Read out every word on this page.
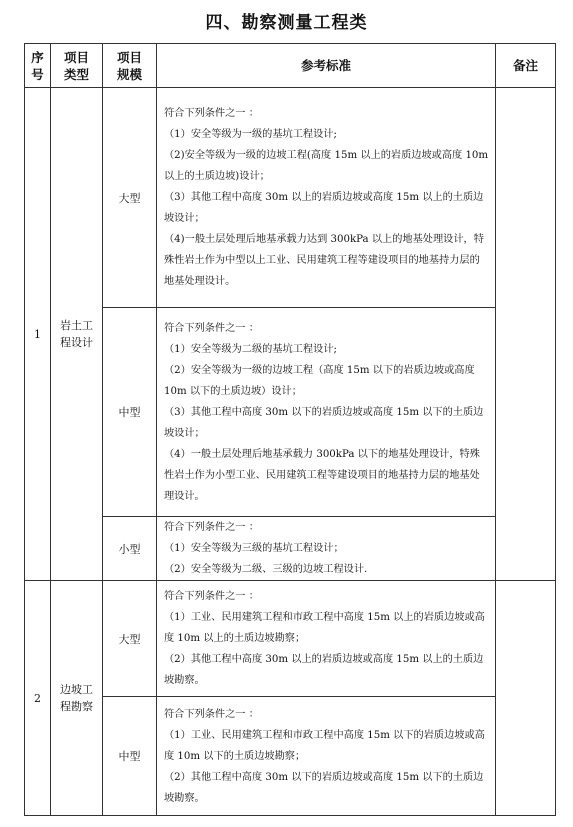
四、勘察测量工程类
序号	项目类型	项目规模	参考标准	备注
1	岩土工程设计	大型	符合下列条件之一 ：
（1）安全等级为一级的基坑工程设计;
（2)安全等级为一级的边坡工程(高度 15m 以上的岩质边坡或高度 10m 以上的土质边坡)设计；
（3）其他工程中高度 30m 以上的岩质边坡或高度 15m 以上的土质边坡设计；
（4)一般土层处理后地基承载力达到 300kPa 以上的地基处理设计，特殊性岩土作为中型以上工业、民用建筑工程等建设项目的地基持力层的地基处理设计。	

		中型	符合下列条件之一 ：
（1）安全等级为二级的基坑工程设计;
（2）安全等级为一级的边坡工程（高度 15m 以下的岩质边坡或高度 10m 以下的土质边坡）设计；
（3）其他工程中高度 30m 以下的岩质边坡或高度 15m 以下的土质边坡设计；
（4）一般土层处理后地基承载力 300kPa 以下的地基处理设计，特殊性岩土作为小型工业、民用建筑工程等建设项目的地基持力层的地基处理设计。	

		小型	符合下列条件之一 ：
（1）安全等级为三级的基坑工程设计；
（2）安全等级为二级、三级的边坡工程设计.	

2	边坡工程勘察	大型	符合下列条件之一 ：
（1）工业、民用建筑工程和市政工程中高度 15m 以上的岩质边坡或高度 10m 以上的土质边坡勘察；
（2）其他工程中高度 30m 以上的岩质边坡或高度 15m 以上的土质边坡勘察。	

		中型	符合下列条件之一 ：
（1）工业、民用建筑工程和市政工程中高度 15m 以下的岩质边坡或高度 10m 以下的土质边坡勘察；
（2）其他工程中高度 30m 以下的岩质边坡或高度 15m 以下的土质边坡勘察。	
